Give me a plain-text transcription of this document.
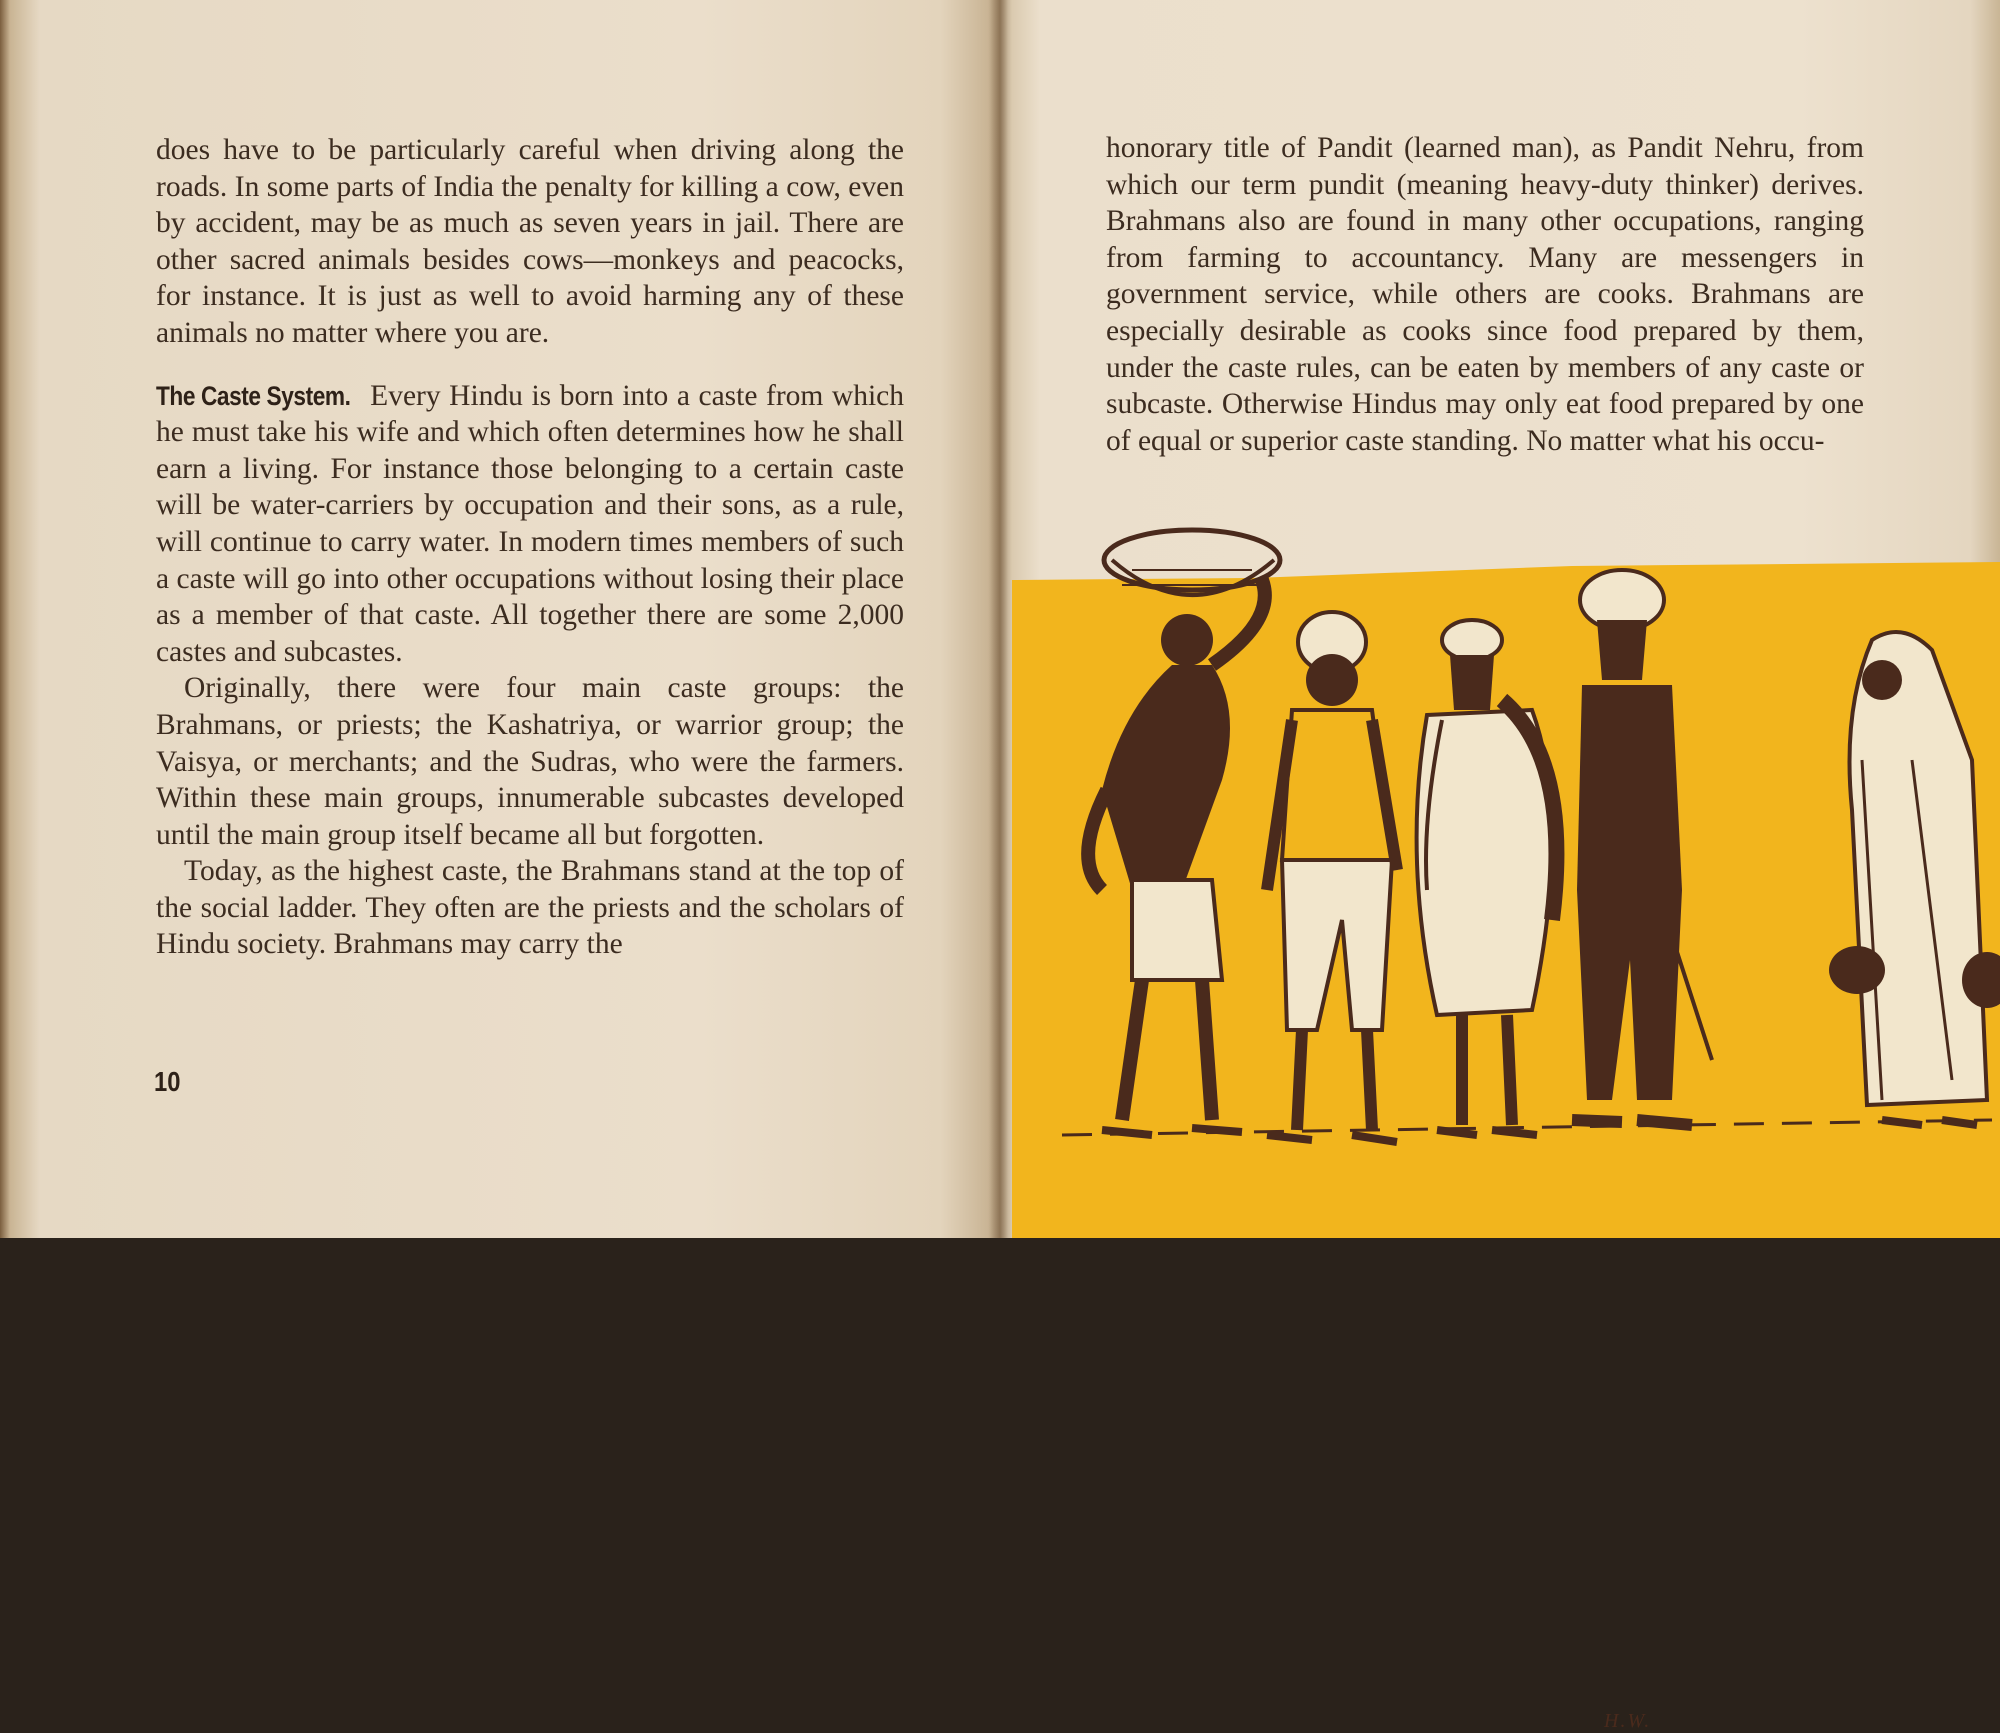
does have to be particularly careful when driving along the roads. In some parts of India the penalty for killing a cow, even by accident, may be as much as seven years in jail. There are other sacred animals besides cows—monkeys and peacocks, for instance. It is just as well to avoid harming any of these animals no matter where you are.

The Caste System. Every Hindu is born into a caste from which he must take his wife and which often determines how he shall earn a living. For instance those belonging to a certain caste will be water-carriers by occupation and their sons, as a rule, will continue to carry water. In modern times members of such a caste will go into other occupations without losing their place as a member of that caste. All together there are some 2,000 castes and subcastes.

Originally, there were four main caste groups: the Brahmans, or priests; the Kashatriya, or warrior group; the Vaisya, or merchants; and the Sudras, who were the farmers. Within these main groups, innumerable subcastes developed until the main group itself became all but forgotten.

Today, as the highest caste, the Brahmans stand at the top of the social ladder. They often are the priests and the scholars of Hindu society. Brahmans may carry the

10

honorary title of Pandit (learned man), as Pandit Nehru, from which our term pundit (meaning heavy-duty thinker) derives. Brahmans also are found in many other occupations, ranging from farming to accountancy. Many are messengers in government service, while others are cooks. Brahmans are especially desirable as cooks since food prepared by them, under the caste rules, can be eaten by members of any caste or subcaste. Otherwise Hindus may only eat food prepared by one of equal or superior caste standing. No matter what his occu-

H.W.
